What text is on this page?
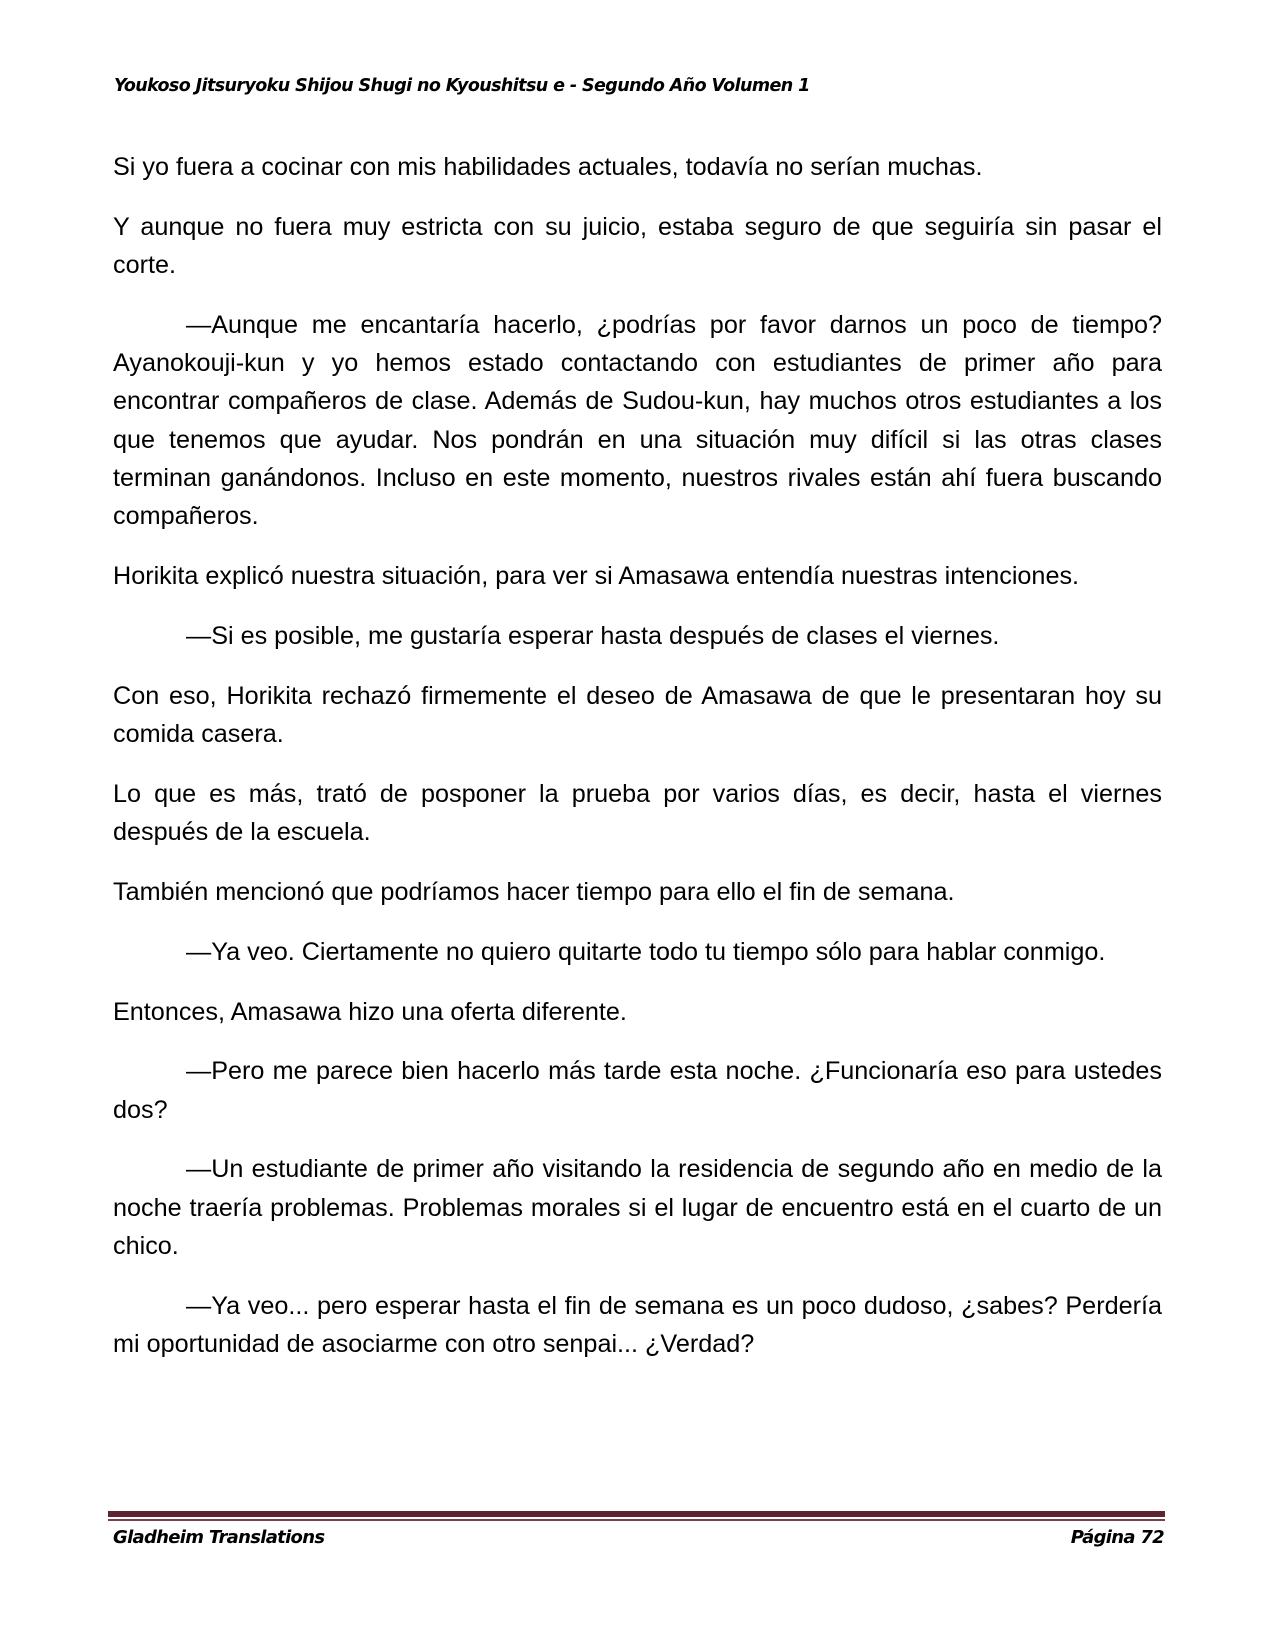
Youkoso Jitsuryoku Shijou Shugi no Kyoushitsu e - Segundo Año Volumen 1

Si yo fuera a cocinar con mis habilidades actuales, todavía no serían muchas.

Y aunque no fuera muy estricta con su juicio, estaba seguro de que seguiría sin pasar el corte.

—Aunque me encantaría hacerlo, ¿podrías por favor darnos un poco de tiempo? Ayanokouji-kun y yo hemos estado contactando con estudiantes de primer año para encontrar compañeros de clase. Además de Sudou-kun, hay muchos otros estudiantes a los que tenemos que ayudar. Nos pondrán en una situación muy difícil si las otras clases terminan ganándonos. Incluso en este momento, nuestros rivales están ahí fuera buscando compañeros.

Horikita explicó nuestra situación, para ver si Amasawa entendía nuestras intenciones.

—Si es posible, me gustaría esperar hasta después de clases el viernes.

Con eso, Horikita rechazó firmemente el deseo de Amasawa de que le presentaran hoy su comida casera.

Lo que es más, trató de posponer la prueba por varios días, es decir, hasta el viernes después de la escuela.

También mencionó que podríamos hacer tiempo para ello el fin de semana.

—Ya veo. Ciertamente no quiero quitarte todo tu tiempo sólo para hablar conmigo.

Entonces, Amasawa hizo una oferta diferente.

—Pero me parece bien hacerlo más tarde esta noche. ¿Funcionaría eso para ustedes dos?

—Un estudiante de primer año visitando la residencia de segundo año en medio de la noche traería problemas. Problemas morales si el lugar de encuentro está en el cuarto de un chico.

—Ya veo... pero esperar hasta el fin de semana es un poco dudoso, ¿sabes? Perdería mi oportunidad de asociarme con otro senpai... ¿Verdad?

Gladheim Translations	Página 72
